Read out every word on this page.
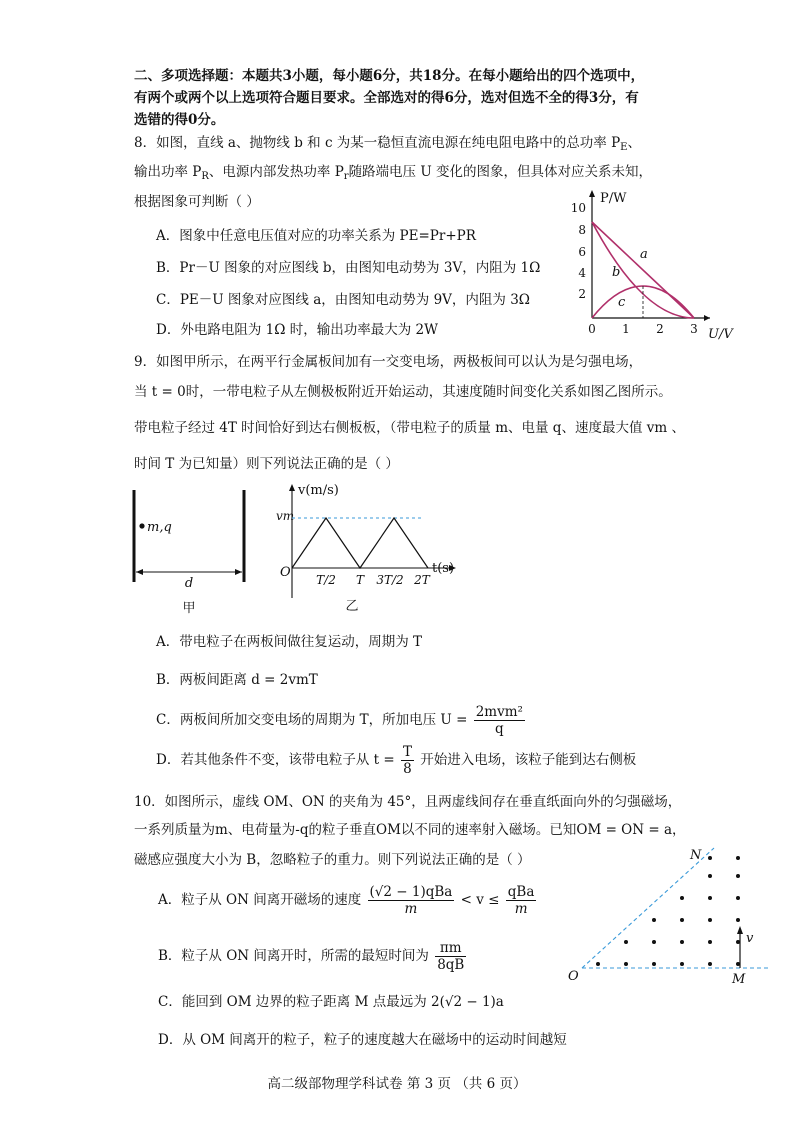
二、多项选择题：本题共3小题，每小题6分，共18分。在每小题给出的四个选项中，
有两个或两个以上选项符合题目要求。全部选对的得6分，选对但选不全的得3分，有
选错的得0分。
8．如图，直线 a、抛物线 b 和 c 为某一稳恒直流电源在纯电阻电路中的总功率 $P_E$、
输出功率 $P_R$、电源内部发热功率 $P_r$随路端电压 U 变化的图象，但具体对应关系未知，
根据图象可判断（ ）
A．图象中任意电压值对应的功率关系为 PE=Pr+PR
B．Pr－U 图象的对应图线 b，由图知电动势为 3V，内阻为 1Ω
C．PE－U 图象对应图线 a，由图知电动势为 9V，内阻为 3Ω
D．外电路电阻为 1Ω 时，输出功率最大为 2W
P/W
U/V
10
8
6
4
2
0 1 2 3
a
b
c
9．如图甲所示，在两平行金属板间加有一交变电场，两极板间可以认为是匀强电场，
当 t = 0时，一带电粒子从左侧极板附近开始运动，其速度随时间变化关系如图乙图所示。
带电粒子经过 4T 时间恰好到达右侧板板，（带电粒子的质量 m、电量 q、速度最大值 vm 、
时间 T 为已知量）则下列说法正确的是（ ）
m,q
d
甲
v(m/s)
vm
O	t(s)
T/2 T 3T/2 2T
乙
A．带电粒子在两板间做往复运动，周期为 T
B．两板间距离 d = 2vmT
C．两板间所加交变电场的周期为 T，所加电压 $U = \frac{\text{2mvm²}}{q}$
D．若其他条件不变，该带电粒子从 $t = \frac{T}{8}$ 开始进入电场，该粒子能到达右侧板
10．如图所示，虚线 OM、ON 的夹角为 45°，且两虚线间存在垂直纸面向外的匀强磁场，
一系列质量为m、电荷量为-q的粒子垂直OM以不同的速率射入磁场。已知OM = ON = a，
磁感应强度大小为 B，忽略粒子的重力。则下列说法正确的是（ ）
A．粒子从 ON 间离开磁场的速度 $\frac{\text{(√2 − 1)qBa}}{m} < v \le \frac{\text{qBa}}{m}$
B．粒子从 ON 间离开时，所需的最短时间为 $\frac{\pi m}{8qB}$
C．能回到 OM 边界的粒子距离 M 点最远为 2(√2 − 1)a
D．从 OM 间离开的粒子，粒子的速度越大在磁场中的运动时间越短
v
O	M
N
高二级部物理学科试卷 第 3 页 （共 6 页）
